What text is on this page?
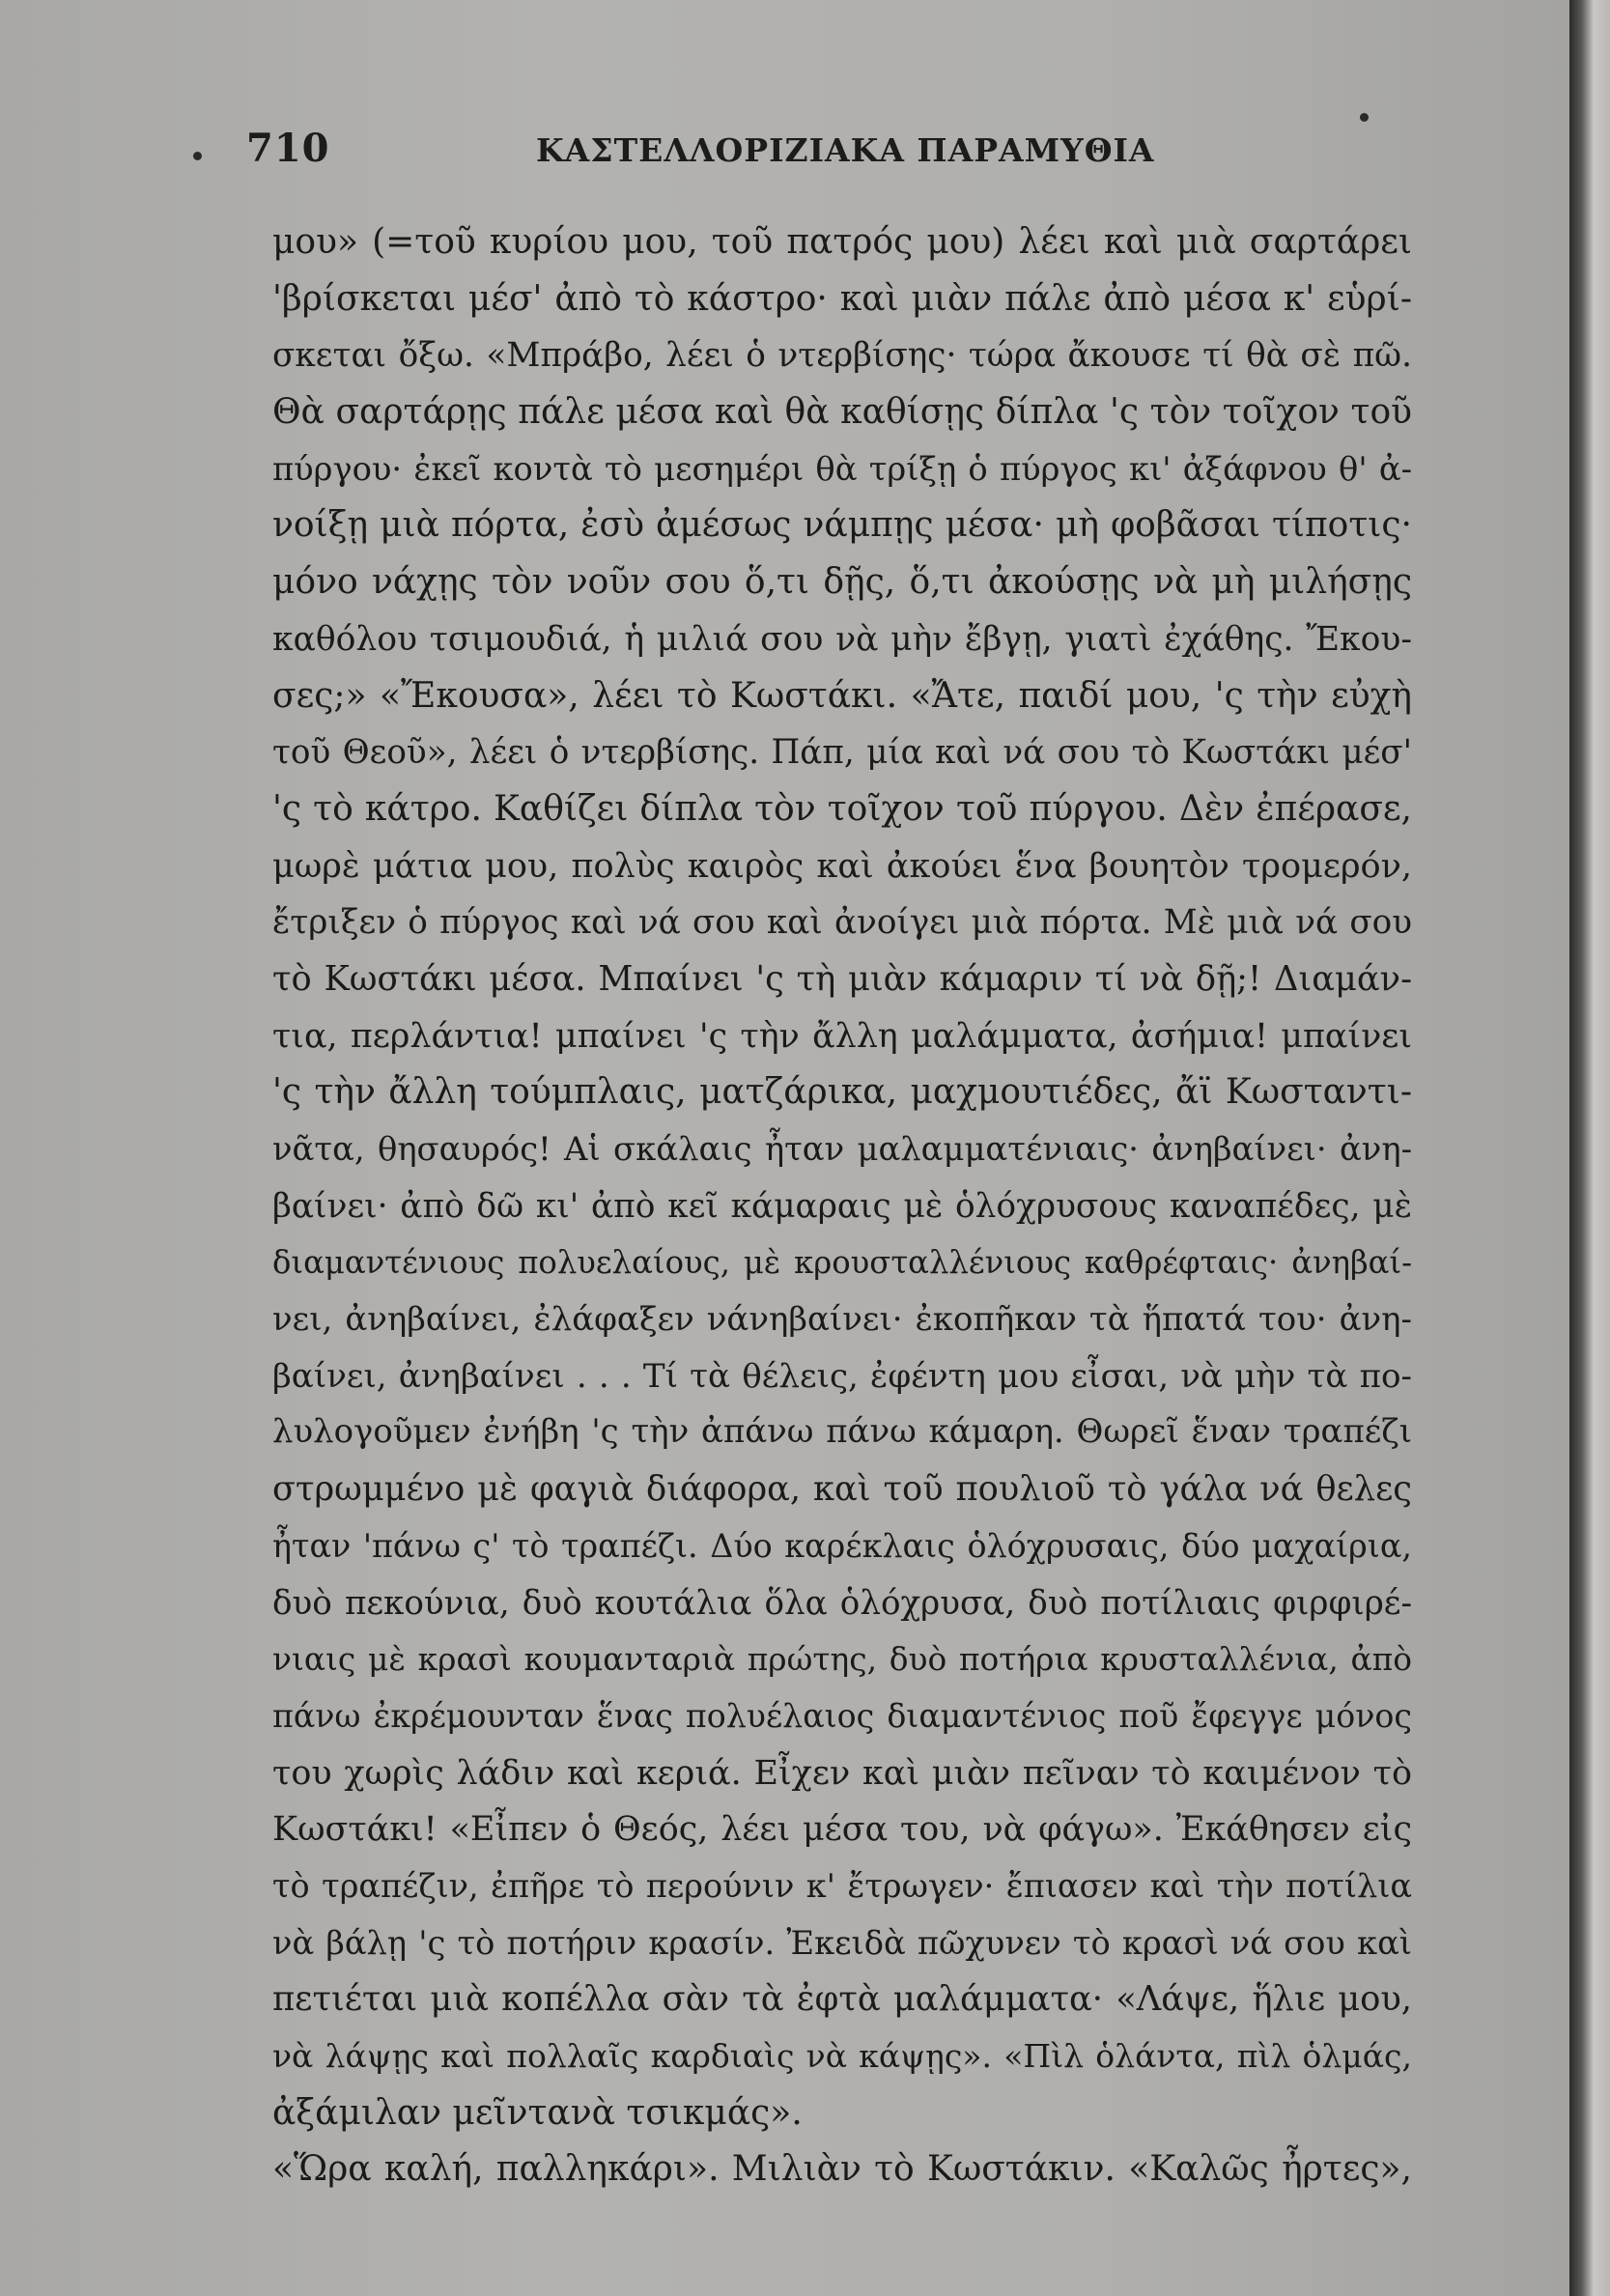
710	ΚΑΣΤΕΛΛΟΡΙΖΙΑΚΑ ΠΑΡΑΜΥΘΙΑ
μου» (=τοῦ κυρίου μου, τοῦ πατρός μου) λέει καὶ μιὰ σαρτάρει
'βρίσκεται μέσ' ἀπὸ τὸ κάστρο· καὶ μιὰν πάλε ἀπὸ μέσα κ' εὑρί-
σκεται ὄξω. «Μπράβο, λέει ὁ ντερβίσης· τώρα ἄκουσε τί θὰ σὲ πῶ.
Θὰ σαρτάρῃς πάλε μέσα καὶ θὰ καθίσῃς δίπλα 'ς τὸν τοῖχον τοῦ
πύργου· ἐκεῖ κοντὰ τὸ μεσημέρι θὰ τρίξῃ ὁ πύργος κι' ἀξάφνου θ' ἀ-
νοίξῃ μιὰ πόρτα, ἐσὺ ἀμέσως νάμπῃς μέσα· μὴ φοβᾶσαι τίποτις·
μόνο νάχῃς τὸν νοῦν σου ὅ,τι δῇς, ὅ,τι ἀκούσῃς νὰ μὴ μιλήσῃς
καθόλου τσιμουδιά, ἡ μιλιά σου νὰ μὴν ἔβγῃ, γιατὶ ἐχάθης. Ἔκου-
σες;» «Ἔκουσα», λέει τὸ Κωστάκι. «Ἄτε, παιδί μου, 'ς τὴν εὐχὴ
τοῦ Θεοῦ», λέει ὁ ντερβίσης. Πάπ, μία καὶ νά σου τὸ Κωστάκι μέσ'
'ς τὸ κάτρο. Καθίζει δίπλα τὸν τοῖχον τοῦ πύργου. Δὲν ἐπέρασε,
μωρὲ μάτια μου, πολὺς καιρὸς καὶ ἀκούει ἕνα βουητὸν τρομερόν,
ἔτριξεν ὁ πύργος καὶ νά σου καὶ ἀνοίγει μιὰ πόρτα. Μὲ μιὰ νά σου
τὸ Κωστάκι μέσα. Μπαίνει 'ς τὴ μιὰν κάμαριν τί νὰ δῇ;! Διαμάν-
τια, περλάντια! μπαίνει 'ς τὴν ἄλλη μαλάμματα, ἀσήμια! μπαίνει
'ς τὴν ἄλλη τούμπλαις, ματζάρικα, μαχμουτιέδες, ἄϊ Κωσταντι-
νᾶτα, θησαυρός! Αἱ σκάλαις ἦταν μαλαμματένιαις· ἀνηβαίνει· ἀνη-
βαίνει· ἀπὸ δῶ κι' ἀπὸ κεῖ κάμαραις μὲ ὁλόχρυσους καναπέδες, μὲ
διαμαντένιους πολυελαίους, μὲ κρουσταλλένιους καθρέφταις· ἀνηβαί-
νει, ἀνηβαίνει, ἐλάφαξεν νάνηβαίνει· ἐκοπῆκαν τὰ ἥπατά του· ἀνη-
βαίνει, ἀνηβαίνει . . . Τί τὰ θέλεις, ἐφέντη μου εἶσαι, νὰ μὴν τὰ πο-
λυλογοῦμεν ἐνήβη 'ς τὴν ἀπάνω πάνω κάμαρη. Θωρεῖ ἕναν τραπέζι
στρωμμένο μὲ φαγιὰ διάφορα, καὶ τοῦ πουλιοῦ τὸ γάλα νά θελες
ἦταν 'πάνω ς' τὸ τραπέζι. Δύο καρέκλαις ὁλόχρυσαις, δύο μαχαίρια,
δυὸ πεκούνια, δυὸ κουτάλια ὅλα ὁλόχρυσα, δυὸ ποτίλιαις φιρφιρέ-
νιαις μὲ κρασὶ κουμανταριὰ πρώτης, δυὸ ποτήρια κρυσταλλένια, ἀπὸ
πάνω ἐκρέμουνταν ἕνας πολυέλαιος διαμαντένιος ποῦ ἔφεγγε μόνος
του χωρὶς λάδιν καὶ κεριά. Εἶχεν καὶ μιὰν πεῖναν τὸ καιμένον τὸ
Κωστάκι! «Εἶπεν ὁ Θεός, λέει μέσα του, νὰ φάγω». Ἐκάθησεν εἰς
τὸ τραπέζιν, ἐπῆρε τὸ περούνιν κ' ἔτρωγεν· ἔπιασεν καὶ τὴν ποτίλια
νὰ βάλῃ 'ς τὸ ποτήριν κρασίν. Ἐκειδὰ πῶχυνεν τὸ κρασὶ νά σου καὶ
πετιέται μιὰ κοπέλλα σὰν τὰ ἐφτὰ μαλάμματα· «Λάψε, ἥλιε μου,
νὰ λάψῃς καὶ πολλαῖς καρδιαὶς νὰ κάψῃς». «Πὶλ ὁλάντα, πὶλ ὁλμάς,
ἀξάμιλαν μεῖντανὰ τσικμάς».
«Ὥρα καλή, παλληκάρι». Μιλιὰν τὸ Κωστάκιν. «Καλῶς ἦρτες»,
